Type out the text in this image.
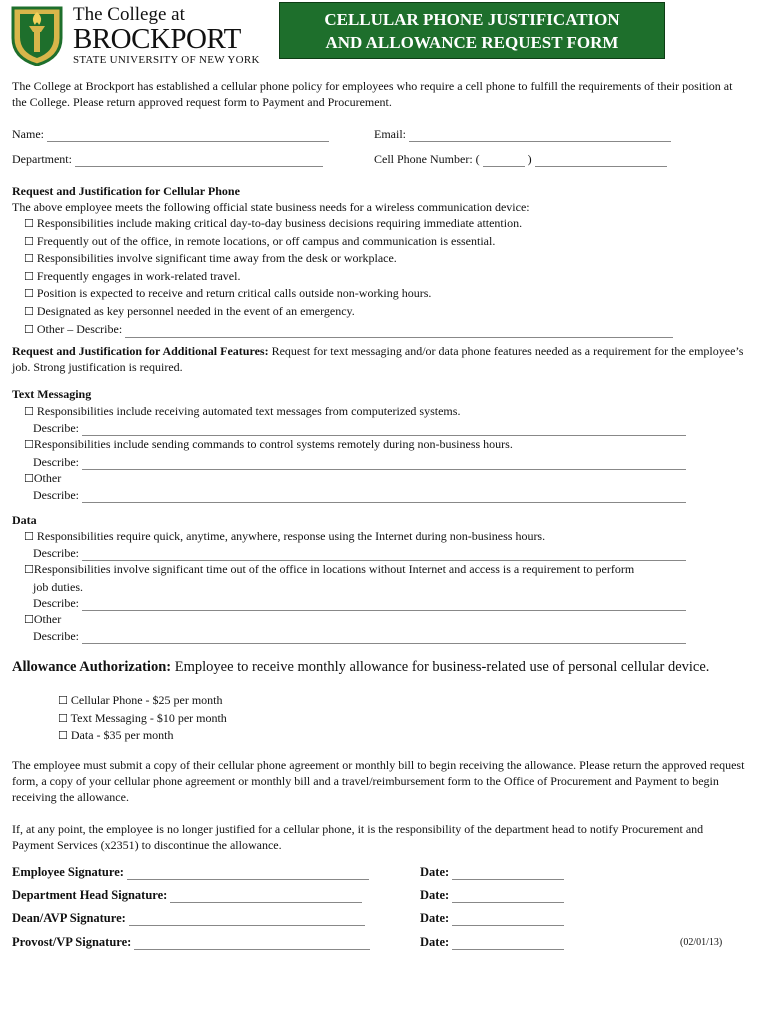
The College at
BROCKPORT
STATE UNIVERSITY OF NEW YORK
CELLULAR PHONE JUSTIFICATION
AND ALLOWANCE REQUEST FORM

The College at Brockport has established a cellular phone policy for employees who require a cell phone to fulfill the requirements of their position at the College. Please return approved request form to Payment and Procurement.

Name:	Email:
Department:	Cell Phone Number: (	)
Request and Justification for Cellular Phone
The above employee meets the following official state business needs for a wireless communication device:
☐ Responsibilities include making critical day-to-day business decisions requiring immediate attention.
☐ Frequently out of the office, in remote locations, or off campus and communication is essential.
☐ Responsibilities involve significant time away from the desk or workplace.
☐ Frequently engages in work-related travel.
☐ Position is expected to receive and return critical calls outside non-working hours.
☐ Designated as key personnel needed in the event of an emergency.
☐ Other – Describe:

Request and Justification for Additional Features: Request for text messaging and/or data phone features needed as a requirement for the employee’s job. Strong justification is required.

Text Messaging
☐ Responsibilities include receiving automated text messages from computerized systems.
Describe:
☐Responsibilities include sending commands to control systems remotely during non-business hours.
Describe:
☐Other
Describe:
Data
☐ Responsibilities require quick, anytime, anywhere, response using the Internet during non-business hours.
Describe:
☐Responsibilities involve significant time out of the office in locations without Internet and access is a requirement to perform
job duties.
Describe:
☐Other
Describe:
Allowance Authorization: Employee to receive monthly allowance for business-related use of personal cellular device.
☐ Cellular Phone - $25 per month
☐ Text Messaging - $10 per month
☐ Data - $35 per month

The employee must submit a copy of their cellular phone agreement or monthly bill to begin receiving the allowance. Please return the approved request form, a copy of your cellular phone agreement or monthly bill and a travel/reimbursement form to the Office of Procurement and Payment to begin receiving the allowance.

If, at any point, the employee is no longer justified for a cellular phone, it is the responsibility of the department head to notify Procurement and Payment Services (x2351) to discontinue the allowance.

Employee Signature:	Date:
Department Head Signature:	Date:
Dean/AVP Signature:	Date:
Provost/VP Signature:	Date:	(02/01/13)
